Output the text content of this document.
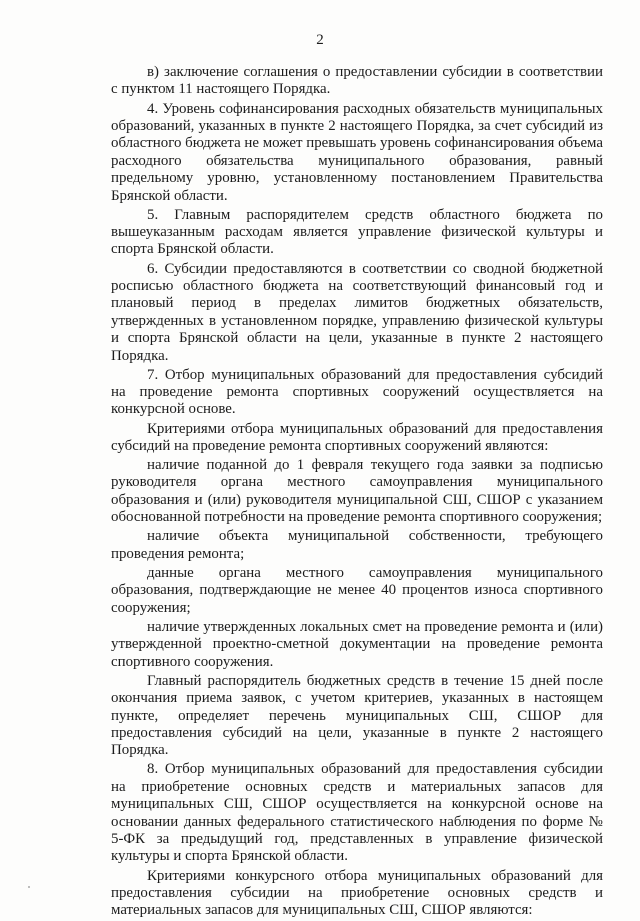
2

в) заключение соглашения о предоставлении субсидии в соответствии с пунктом 11 настоящего Порядка.

4. Уровень софинансирования расходных обязательств муниципальных образований, указанных в пункте 2 настоящего Порядка, за счет субсидий из областного бюджета не может превышать уровень софинансирования объема расходного обязательства муниципального образования, равный предельному уровню, установленному постановлением Правительства Брянской области.

5. Главным распорядителем средств областного бюджета по вышеуказанным расходам является управление физической культуры и спорта Брянской области.

6. Субсидии предоставляются в соответствии со сводной бюджетной росписью областного бюджета на соответствующий финансовый год и плановый период в пределах лимитов бюджетных обязательств, утвержденных в установленном порядке, управлению физической культуры и спорта Брянской области на цели, указанные в пункте 2 настоящего Порядка.

7. Отбор муниципальных образований для предоставления субсидий на проведение ремонта спортивных сооружений осуществляется на конкурсной основе.

Критериями отбора муниципальных образований для предоставления субсидий на проведение ремонта спортивных сооружений являются:

наличие поданной до 1 февраля текущего года заявки за подписью руководителя органа местного самоуправления муниципального образования и (или) руководителя муниципальной СШ, СШОР с указанием обоснованной потребности на проведение ремонта спортивного сооружения;

наличие объекта муниципальной собственности, требующего проведения ремонта;

данные органа местного самоуправления муниципального образования, подтверждающие не менее 40 процентов износа спортивного сооружения;

наличие утвержденных локальных смет на проведение ремонта и (или) утвержденной проектно-сметной документации на проведение ремонта спортивного сооружения.

Главный распорядитель бюджетных средств в течение 15 дней после окончания приема заявок, с учетом критериев, указанных в настоящем пункте, определяет перечень муниципальных СШ, СШОР для предоставления субсидий на цели, указанные в пункте 2 настоящего Порядка.

8. Отбор муниципальных образований для предоставления субсидии на приобретение основных средств и материальных запасов для муниципальных СШ, СШОР осуществляется на конкурсной основе на основании данных федерального статистического наблюдения по форме № 5-ФК за предыдущий год, представленных в управление физической культуры и спорта Брянской области.

Критериями конкурсного отбора муниципальных образований для предоставления субсидии на приобретение основных средств и материальных запасов для муниципальных СШ, СШОР являются:
